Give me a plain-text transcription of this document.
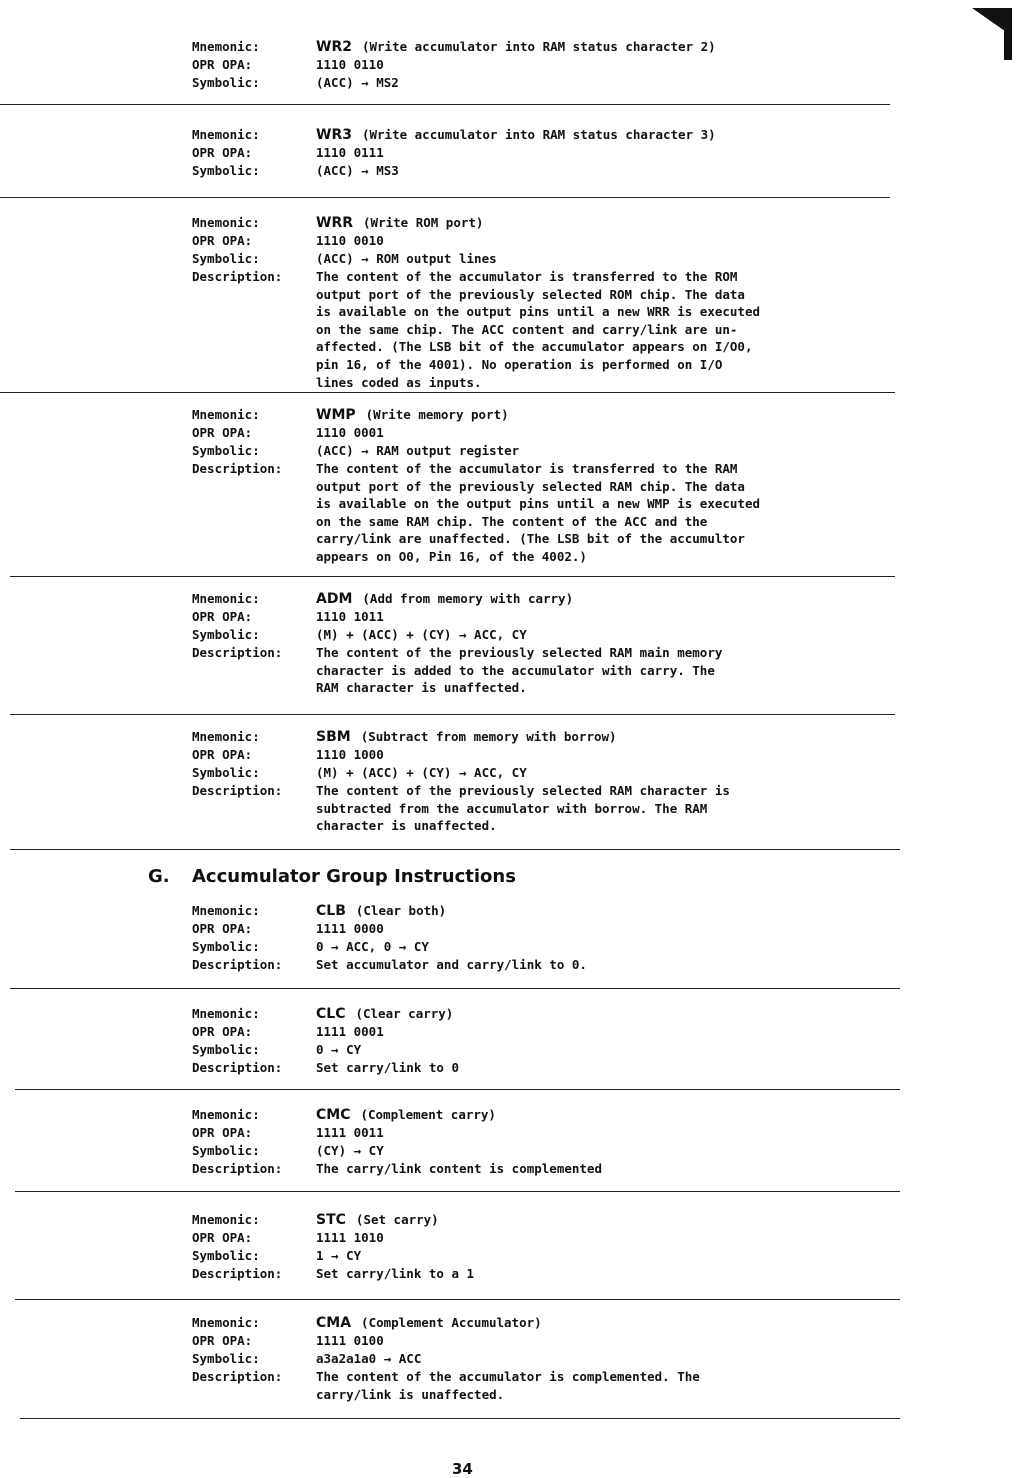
Mnemonic:	WR2 (Write accumulator into RAM status character 2)
OPR OPA:	1110 0110
Symbolic:	(ACC) → MS2
Mnemonic:	WR3 (Write accumulator into RAM status character 3)
OPR OPA:	1110 0111
Symbolic:	(ACC) → MS3
Mnemonic:	WRR (Write ROM port)
OPR OPA:	1110 0010
Symbolic:	(ACC) → ROM output lines
Description:	The content of the accumulator is transferred to the ROM
output port of the previously selected ROM chip. The data
is available on the output pins until a new WRR is executed
on the same chip. The ACC content and carry/link are un-
affected. (The LSB bit of the accumulator appears on I/O0,
pin 16, of the 4001). No operation is performed on I/O
lines coded as inputs.
Mnemonic:	WMP (Write memory port)
OPR OPA:	1110 0001
Symbolic:	(ACC) → RAM output register
Description:	The content of the accumulator is transferred to the RAM
output port of the previously selected RAM chip. The data
is available on the output pins until a new WMP is executed
on the same RAM chip. The content of the ACC and the
carry/link are unaffected. (The LSB bit of the accumultor
appears on O0, Pin 16, of the 4002.)
Mnemonic:	ADM (Add from memory with carry)
OPR OPA:	1110 1011
Symbolic:	(M) + (ACC) + (CY) → ACC, CY
Description:	The content of the previously selected RAM main memory
character is added to the accumulator with carry. The
RAM character is unaffected.
Mnemonic:	SBM (Subtract from memory with borrow)
OPR OPA:	1110 1000
Symbolic:	(M) + (ACC) + (CY) → ACC, CY
Description:	The content of the previously selected RAM character is
subtracted from the accumulator with borrow. The RAM
character is unaffected.
G. Accumulator Group Instructions
Mnemonic:	CLB (Clear both)
OPR OPA:	1111 0000
Symbolic:	0 → ACC, 0 → CY
Description:	Set accumulator and carry/link to 0.
Mnemonic:	CLC (Clear carry)
OPR OPA:	1111 0001
Symbolic:	0 → CY
Description:	Set carry/link to 0
Mnemonic:	CMC (Complement carry)
OPR OPA:	1111 0011
Symbolic:	(CY) → CY
Description:	The carry/link content is complemented
Mnemonic:	STC (Set carry)
OPR OPA:	1111 1010
Symbolic:	1 → CY
Description:	Set carry/link to a 1
Mnemonic:	CMA (Complement Accumulator)
OPR OPA:	1111 0100
Symbolic:	a3a2a1a0 → ACC
Description:	The content of the accumulator is complemented. The
carry/link is unaffected.
34
